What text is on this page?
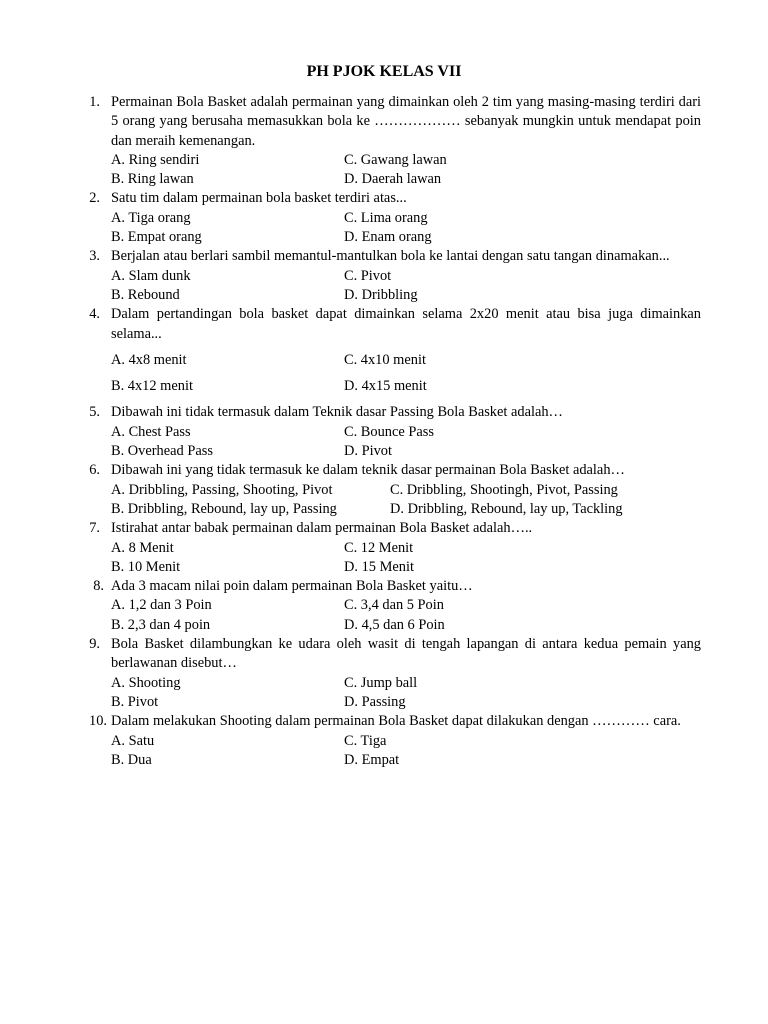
PH PJOK KELAS VII
1. Permainan Bola Basket adalah permainan yang dimainkan oleh 2 tim yang masing-masing terdiri dari 5 orang yang berusaha memasukkan bola ke ……………… sebanyak mungkin untuk mendapat poin dan meraih kemenangan.
A. Ring sendiri	C. Gawang lawan
B. Ring lawan	D. Daerah lawan
2. Satu tim dalam permainan bola basket terdiri atas...
A. Tiga orang	C. Lima orang
B. Empat orang	D. Enam orang
3. Berjalan atau berlari sambil memantul-mantulkan bola ke lantai dengan satu tangan dinamakan...
A. Slam dunk	C. Pivot
B. Rebound	D. Dribbling
4. Dalam pertandingan bola basket dapat dimainkan selama 2x20 menit atau bisa juga dimainkan selama...
A. 4x8 menit	C. 4x10 menit
B. 4x12 menit	D. 4x15 menit
5. Dibawah ini tidak termasuk dalam Teknik dasar Passing Bola Basket adalah…
A. Chest Pass	C. Bounce Pass
B. Overhead Pass	D. Pivot
6. Dibawah ini yang tidak termasuk ke dalam teknik dasar permainan Bola Basket adalah…
A. Dribbling, Passing, Shooting, Pivot	C. Dribbling, Shootingh, Pivot, Passing
B. Dribbling, Rebound, lay up, Passing	D. Dribbling, Rebound, lay up, Tackling
7. Istirahat antar babak permainan dalam permainan Bola Basket adalah…..
A. 8 Menit	C. 12 Menit
B. 10 Menit	D. 15 Menit
8. Ada 3 macam nilai poin dalam permainan Bola Basket yaitu…
A. 1,2 dan 3 Poin	C. 3,4 dan 5 Poin
B. 2,3 dan 4 poin	D. 4,5 dan 6 Poin
9. Bola Basket dilambungkan ke udara oleh wasit di tengah lapangan di antara kedua pemain yang berlawanan disebut…
A. Shooting	C. Jump ball
B. Pivot	D. Passing
10. Dalam melakukan Shooting dalam permainan Bola Basket dapat dilakukan dengan ………… cara.
A. Satu	C. Tiga
B. Dua	D. Empat
